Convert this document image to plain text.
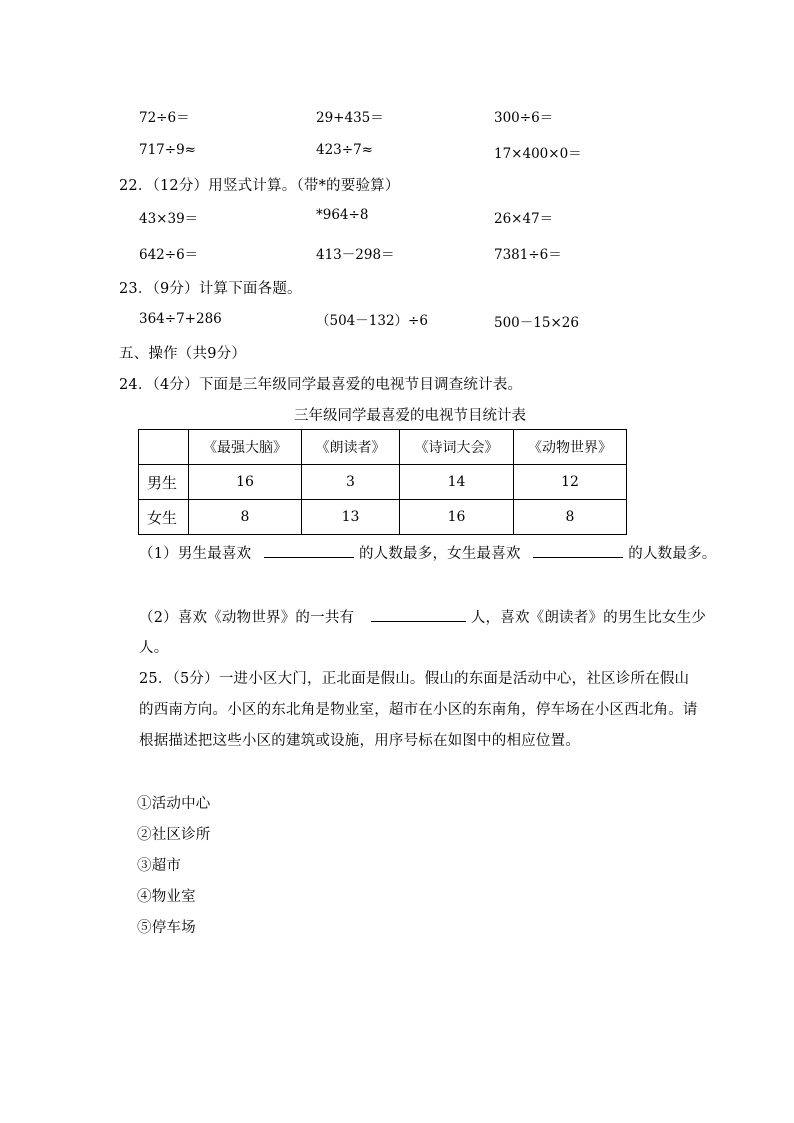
72÷6＝	29+435＝	300÷6＝
717÷9≈	423÷7≈	17×400×0＝
22．（12分）用竖式计算。（带*的要验算）
43×39＝	*964÷8	26×47＝
642÷6＝	413－298＝	7381÷6＝
23．（9分）计算下面各题。
364÷7+286	（504－132）÷6	500－15×26
五、操作（共9分）
24．（4分）下面是三年级同学最喜爱的电视节目调查统计表。
三年级同学最喜爱的电视节目统计表
	《最强大脑》	《朗读者》	《诗词大会》	《动物世界》
男生	16	3	14	12
女生	8	13	16	8
（1）男生最喜欢	的人数最多，女生最喜欢	的人数最多。
（2）喜欢《动物世界》的一共有	人，喜欢《朗读者》的男生比女生少
人。
25．（5分）一进小区大门，正北面是假山。假山的东面是活动中心，社区诊所在假山
的西南方向。小区的东北角是物业室，超市在小区的东南角，停车场在小区西北角。请
根据描述把这些小区的建筑或设施，用序号标在如图中的相应位置。
①活动中心
②社区诊所
③超市
④物业室
⑤停车场
